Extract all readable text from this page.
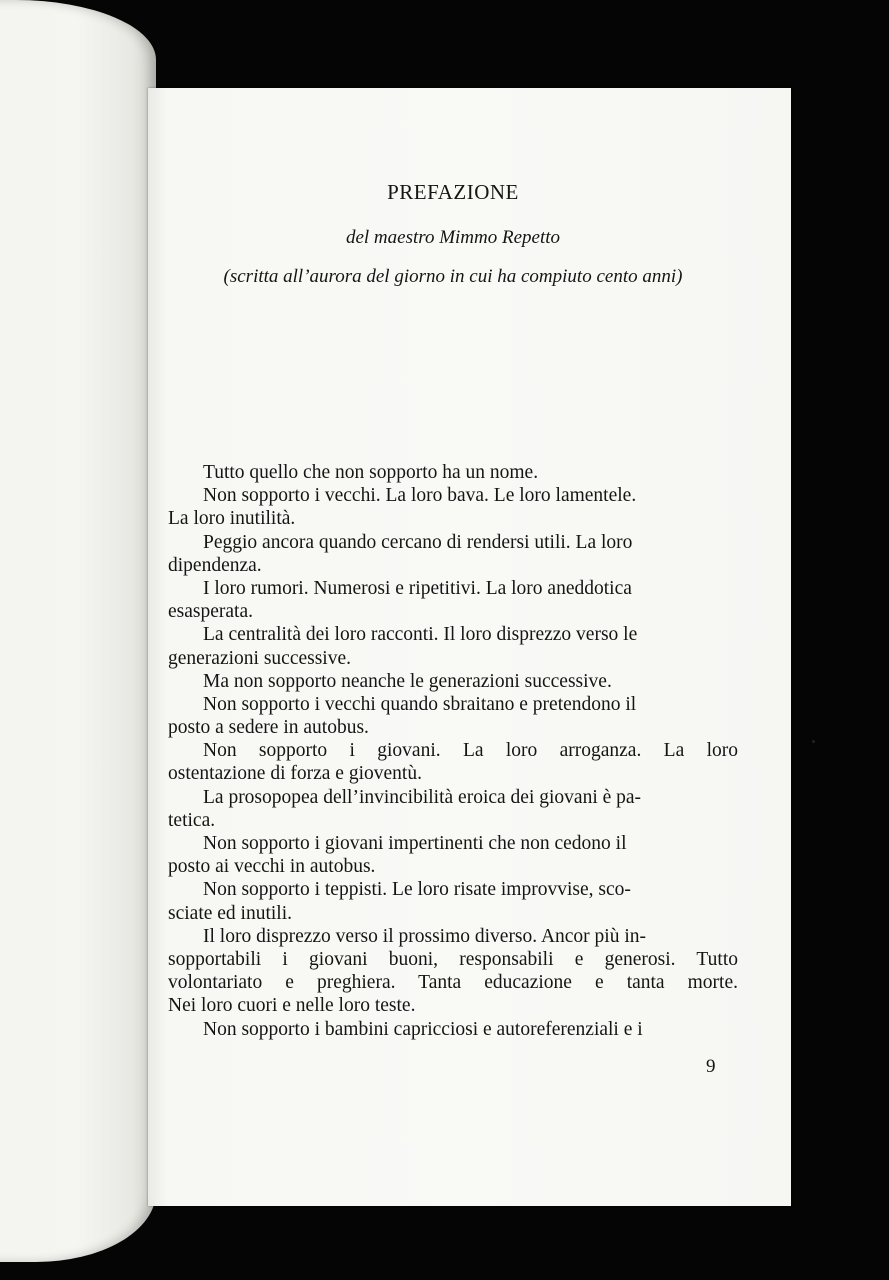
PREFAZIONE
del maestro Mimmo Repetto
(scritta all’aurora del giorno in cui ha compiuto cento anni)
Tutto quello che non sopporto ha un nome.
Non sopporto i vecchi. La loro bava. Le loro lamentele.
La loro inutilità.
Peggio ancora quando cercano di rendersi utili. La loro
dipendenza.
I loro rumori. Numerosi e ripetitivi. La loro aneddotica
esasperata.
La centralità dei loro racconti. Il loro disprezzo verso le
generazioni successive.
Ma non sopporto neanche le generazioni successive.
Non sopporto i vecchi quando sbraitano e pretendono il
posto a sedere in autobus.
Non sopporto i giovani. La loro arroganza. La loro
ostentazione di forza e gioventù.
La prosopopea dell’invincibilità eroica dei giovani è pa-
tetica.
Non sopporto i giovani impertinenti che non cedono il
posto ai vecchi in autobus.
Non sopporto i teppisti. Le loro risate improvvise, sco-
sciate ed inutili.
Il loro disprezzo verso il prossimo diverso. Ancor più in-
sopportabili i giovani buoni, responsabili e generosi. Tutto
volontariato e preghiera. Tanta educazione e tanta morte.
Nei loro cuori e nelle loro teste.
Non sopporto i bambini capricciosi e autoreferenziali e i
9
